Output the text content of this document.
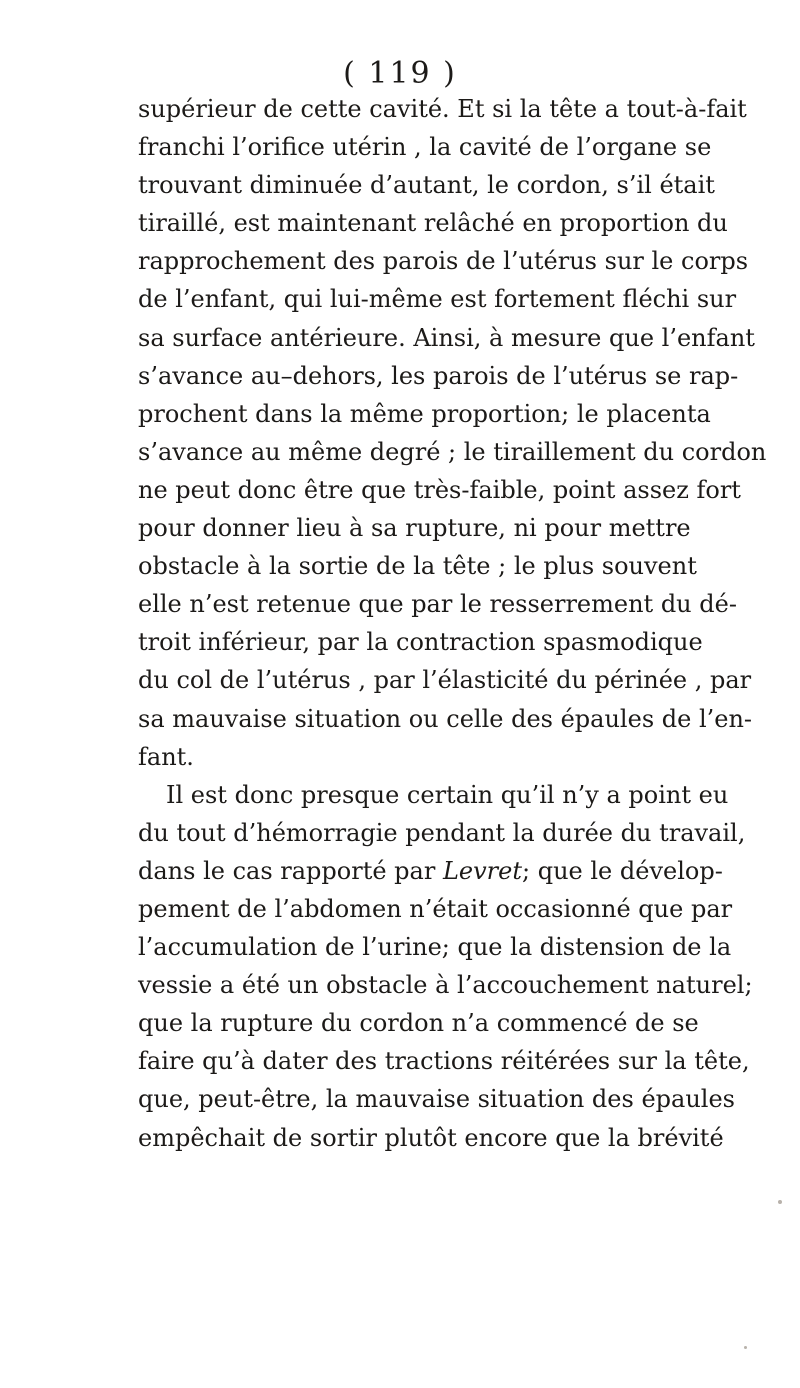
( 119 )
supérieur de cette cavité. Et si la tête a tout-à-fait
franchi l’orifice utérin , la cavité de l’organe se
trouvant diminuée d’autant, le cordon, s’il était
tiraillé, est maintenant relâché en proportion du
rapprochement des parois de l’utérus sur le corps
de l’enfant, qui lui-même est fortement fléchi sur
sa surface antérieure. Ainsi, à mesure que l’enfant
s’avance au–dehors, les parois de l’utérus se rap-
prochent dans la même proportion; le placenta
s’avance au même degré ; le tiraillement du cordon
ne peut donc être que très-faible, point assez fort
pour donner lieu à sa rupture, ni pour mettre
obstacle à la sortie de la tête ; le plus souvent
elle n’est retenue que par le resserrement du dé-
troit inférieur, par la contraction spasmodique
du col de l’utérus , par l’élasticité du périnée , par
sa mauvaise situation ou celle des épaules de l’en-
fant.
Il est donc presque certain qu’il n’y a point eu
du tout d’hémorragie pendant la durée du travail,
dans le cas rapporté par Levret; que le dévelop-
pement de l’abdomen n’était occasionné que par
l’accumulation de l’urine; que la distension de la
vessie a été un obstacle à l’accouchement naturel;
que la rupture du cordon n’a commencé de se
faire qu’à dater des tractions réitérées sur la tête,
que, peut-être, la mauvaise situation des épaules
empêchait de sortir plutôt encore que la brévité
